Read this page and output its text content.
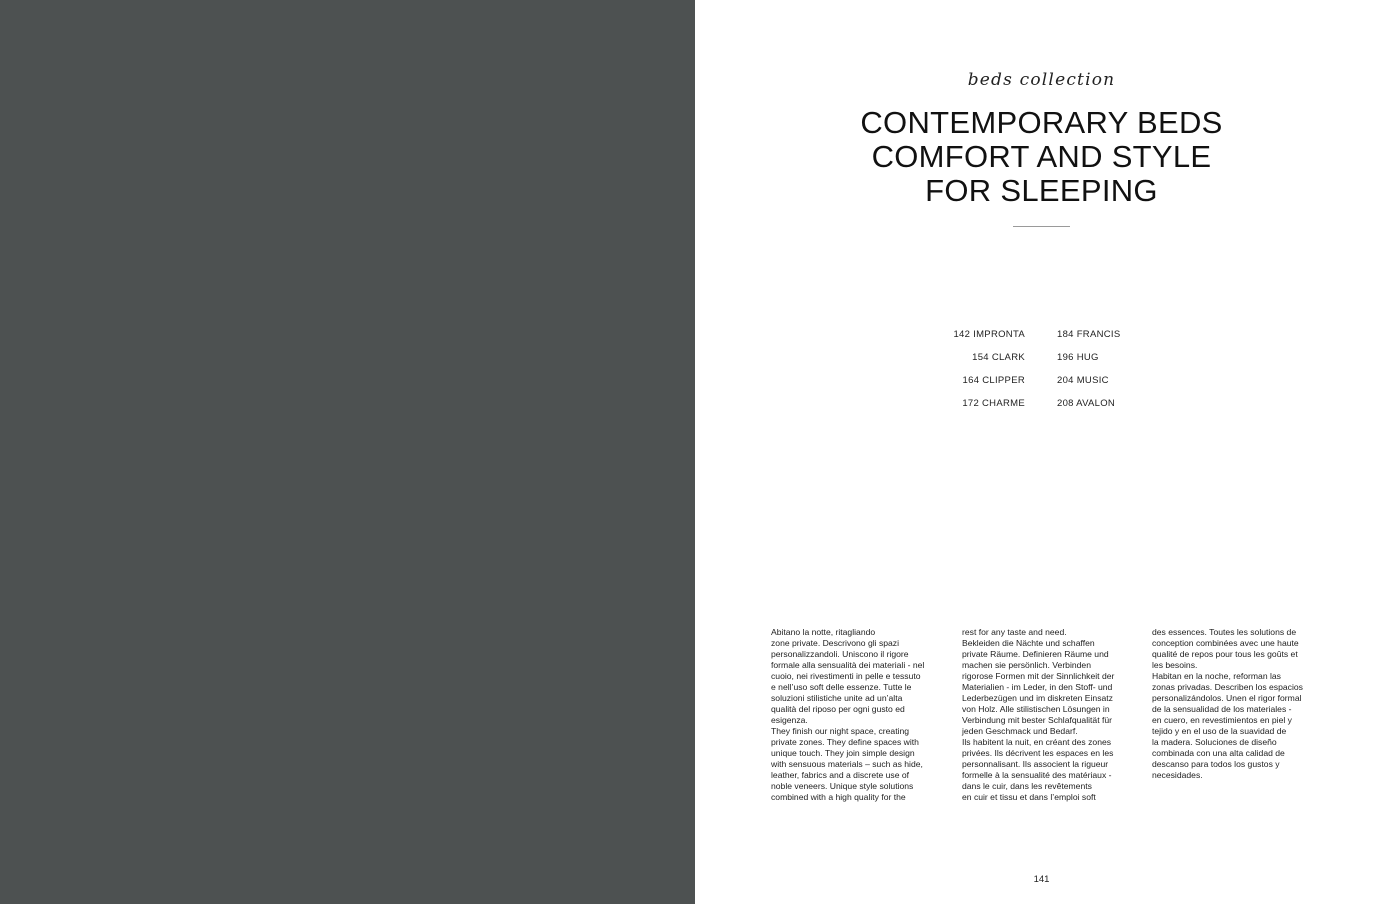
beds collection
CONTEMPORARY BEDS
COMFORT AND STYLE
FOR SLEEPING
142 IMPRONTA
154 CLARK
164 CLIPPER
172 CHARME
184 FRANCIS
196 HUG
204 MUSIC
208 AVALON
Abitano la notte, ritagliando
zone private. Descrivono gli spazi
personalizzandoli. Uniscono il rigore
formale alla sensualità dei materiali - nel
cuoio, nei rivestimenti in pelle e tessuto
e nell’uso soft delle essenze. Tutte le
soluzioni stilistiche unite ad un’alta
qualità del riposo per ogni gusto ed
esigenza.
They finish our night space, creating
private zones. They define spaces with
unique touch. They join simple design
with sensuous materials – such as hide,
leather, fabrics and a discrete use of
noble veneers. Unique style solutions
combined with a high quality for the
rest for any taste and need.
Bekleiden die Nächte und schaffen
private Räume. Definieren Räume und
machen sie persönlich. Verbinden
rigorose Formen mit der Sinnlichkeit der
Materialien - im Leder, in den Stoff- und
Lederbezügen und im diskreten Einsatz
von Holz. Alle stilistischen Lösungen in
Verbindung mit bester Schlafqualität für
jeden Geschmack und Bedarf.
Ils habitent la nuit, en créant des zones
privées. Ils décrivent les espaces en les
personnalisant. Ils associent la rigueur
formelle à la sensualité des matériaux -
dans le cuir, dans les revêtements
en cuir et tissu et dans l’emploi soft
des essences. Toutes les solutions de
conception combinées avec une haute
qualité de repos pour tous les goûts et
les besoins.
Habitan en la noche, reforman las
zonas privadas. Describen los espacios
personalizándolos. Unen el rigor formal
de la sensualidad de los materiales -
en cuero, en revestimientos en piel y
tejido y en el uso de la suavidad de
la madera. Soluciones de diseño
combinada con una alta calidad de
descanso para todos los gustos y
necesidades.
141
